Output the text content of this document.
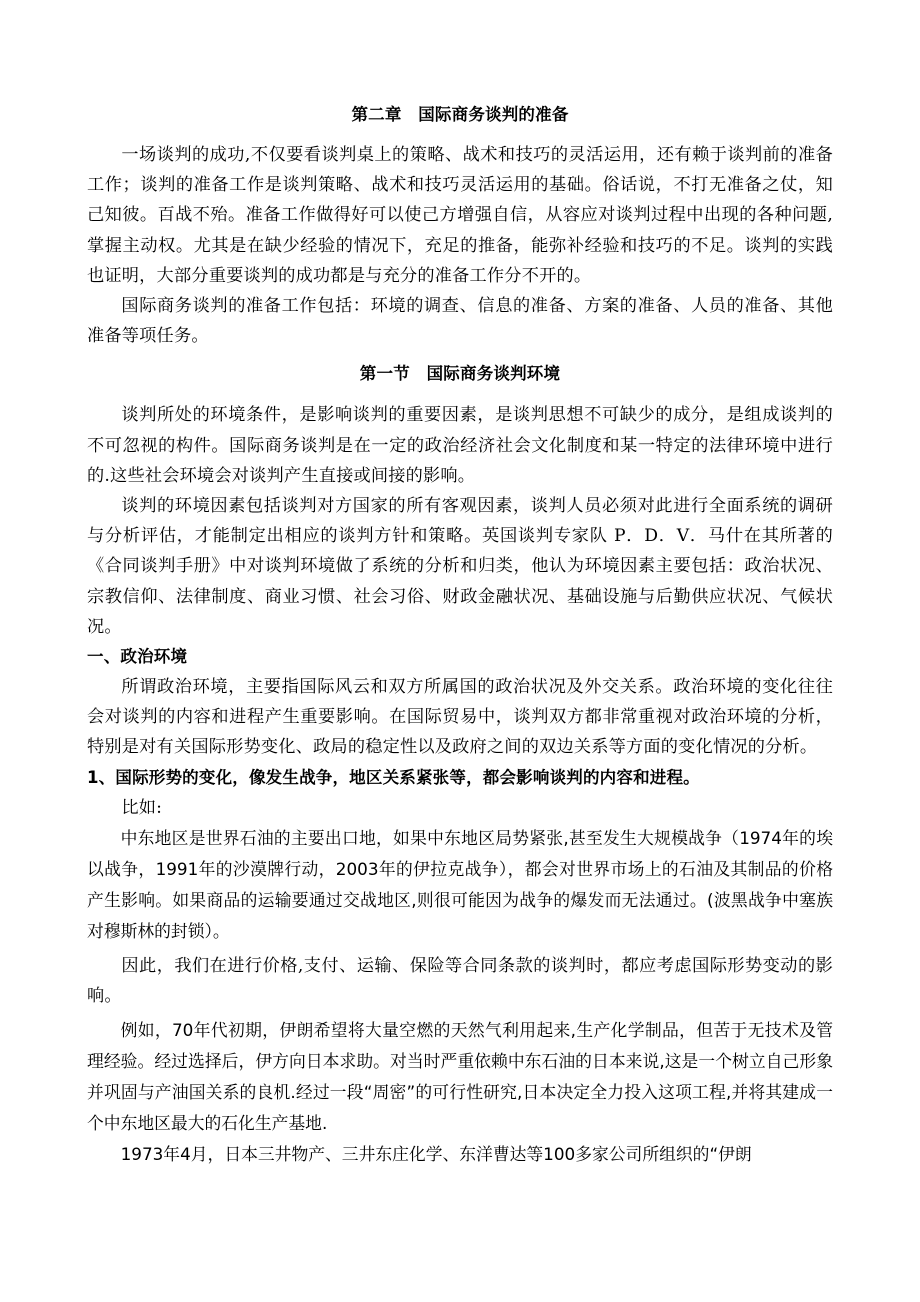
第二章　国际商务谈判的准备

一场谈判的成功,不仅要看谈判桌上的策略、战术和技巧的灵活运用，还有赖于谈判前的准备工作；谈判的准备工作是谈判策略、战术和技巧灵活运用的基础。俗话说，不打无准备之仗，知己知彼。百战不殆。准备工作做得好可以使己方增强自信，从容应对谈判过程中出现的各种问题,掌握主动权。尤其是在缺少经验的情况下，充足的推备，能弥补经验和技巧的不足。谈判的实践也证明，大部分重要谈判的成功都是与充分的准备工作分不开的。

国际商务谈判的准备工作包括：环境的调查、信息的准备、方案的准备、人员的准备、其他准备等项任务。

第一节　国际商务谈判环境

谈判所处的环境条件，是影响谈判的重要因素，是谈判思想不可缺少的成分，是组成谈判的不可忽视的构件。国际商务谈判是在一定的政治经济社会文化制度和某一特定的法律环境中进行的.这些社会环境会对谈判产生直接或间接的影响。

谈判的环境因素包括谈判对方国家的所有客观因素，谈判人员必须对此进行全面系统的调研与分析评估，才能制定出相应的谈判方针和策略。英国谈判专家队 P．D．V．马什在其所著的《合同谈判手册》中对谈判环境做了系统的分析和归类，他认为环境因素主要包括：政治状况、宗教信仰、法律制度、商业习惯、社会习俗、财政金融状况、基础设施与后勤供应状况、气候状况。

一、政治环境

所谓政治环境，主要指国际风云和双方所属国的政治状况及外交关系。政治环境的变化往往会对谈判的内容和进程产生重要影响。在国际贸易中，谈判双方都非常重视对政治环境的分析，特别是对有关国际形势变化、政局的稳定性以及政府之间的双边关系等方面的变化情况的分析。

1、国际形势的变化，像发生战争，地区关系紧张等，都会影响谈判的内容和进程。

比如:

中东地区是世界石油的主要出口地，如果中东地区局势紧张,甚至发生大规模战争（1974年的埃以战争，1991年的沙漠牌行动，2003年的伊拉克战争），都会对世界市场上的石油及其制品的价格产生影响。如果商品的运输要通过交战地区,则很可能因为战争的爆发而无法通过。(波黑战争中塞族对穆斯林的封锁）。

因此，我们在进行价格,支付、运输、保险等合同条款的谈判时，都应考虑国际形势变动的影响。

例如，70年代初期，伊朗希望将大量空燃的天然气利用起来,生产化学制品，但苦于无技术及管理经验。经过选择后，伊方向日本求助。对当时严重依赖中东石油的日本来说,这是一个树立自己形象并巩固与产油国关系的良机.经过一段“周密”的可行性研究,日本决定全力投入这项工程,并将其建成一个中东地区最大的石化生产基地.

1973年4月，日本三井物产、三井东庄化学、东洋曹达等100多家公司所组织的“伊朗
